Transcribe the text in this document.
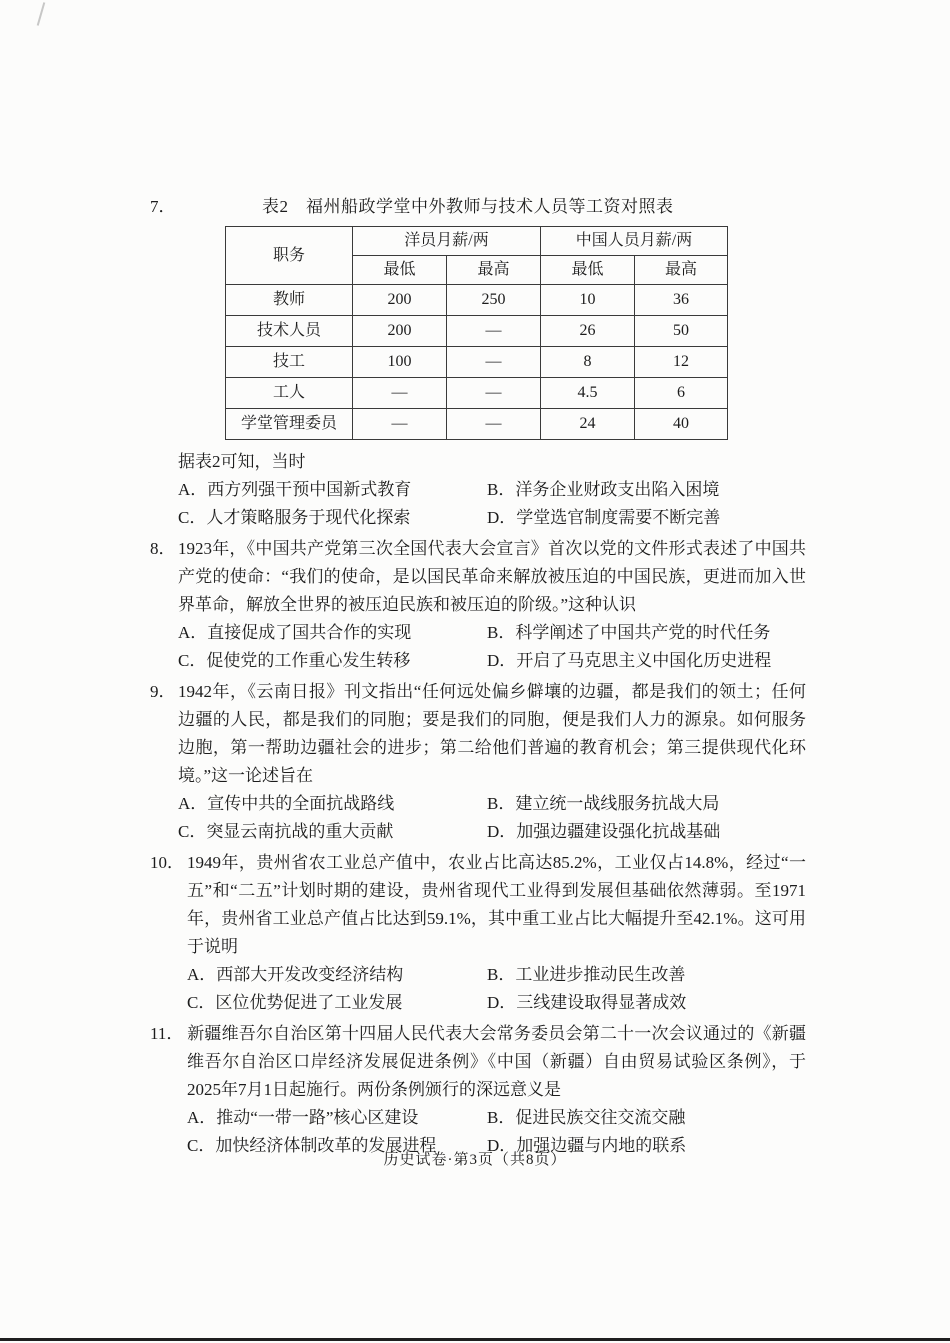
7．	表2　福州船政学堂中外教师与技术人员等工资对照表
职务	洋员月薪/两		中国人员月薪/两	
	最低	最高	最低	最高
教师	200	250	10	36
技术人员	200	—	26	50
技工	100	—	8	12
工人	—	—	4.5	6
学堂管理委员	—	—	24	40
据表2可知，当时
A．西方列强干预中国新式教育	B．洋务企业财政支出陷入困境
C．人才策略服务于现代化探索	D．学堂选官制度需要不断完善

8． 1923年，《中国共产党第三次全国代表大会宣言》首次以党的文件形式表述了中国共产党的使命：“我们的使命，是以国民革命来解放被压迫的中国民族，更进而加入世界革命，解放全世界的被压迫民族和被压迫的阶级。”这种认识

A．直接促成了国共合作的实现	B．科学阐述了中国共产党的时代任务
C．促使党的工作重心发生转移	D．开启了马克思主义中国化历史进程

9． 1942年，《云南日报》刊文指出“任何远处偏乡僻壤的边疆，都是我们的领土；任何边疆的人民，都是我们的同胞；要是我们的同胞，便是我们人力的源泉。如何服务边胞，第一帮助边疆社会的进步；第二给他们普遍的教育机会；第三提供现代化环境。”这一论述旨在

A．宣传中共的全面抗战路线	B．建立统一战线服务抗战大局
C．突显云南抗战的重大贡献	D．加强边疆建设强化抗战基础

10． 1949年，贵州省农工业总产值中，农业占比高达85.2%，工业仅占14.8%，经过“一五”和“二五”计划时期的建设，贵州省现代工业得到发展但基础依然薄弱。至1971年，贵州省工业总产值占比达到59.1%，其中重工业占比大幅提升至42.1%。这可用于说明

A．西部大开发改变经济结构	B．工业进步推动民生改善
C．区位优势促进了工业发展	D．三线建设取得显著成效

11． 新疆维吾尔自治区第十四届人民代表大会常务委员会第二十一次会议通过的《新疆维吾尔自治区口岸经济发展促进条例》《中国（新疆）自由贸易试验区条例》，于2025年7月1日起施行。两份条例颁行的深远意义是

A．推动“一带一路”核心区建设	B．促进民族交往交流交融
C．加快经济体制改革的发展进程	D．加强边疆与内地的联系
历史试卷·第3页（共8页）
